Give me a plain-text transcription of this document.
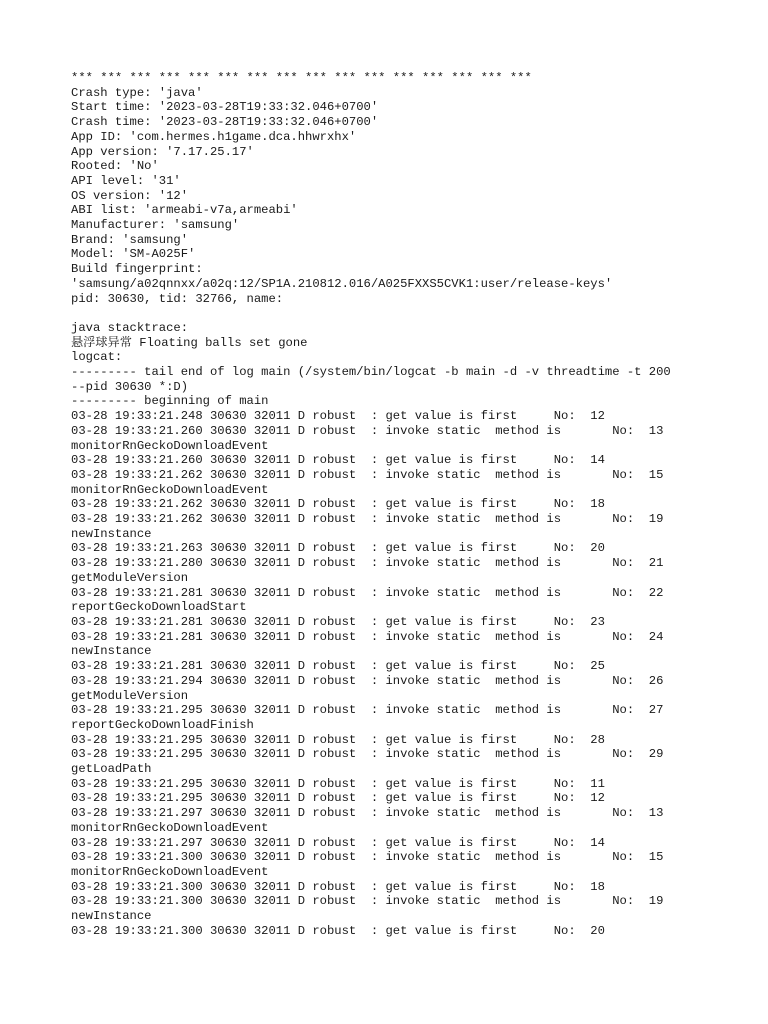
*** *** *** *** *** *** *** *** *** *** *** *** *** *** *** ***
Crash type: 'java'
Start time: '2023-03-28T19:33:32.046+0700'
Crash time: '2023-03-28T19:33:32.046+0700'
App ID: 'com.hermes.h1game.dca.hhwrxhx'
App version: '7.17.25.17'
Rooted: 'No'
API level: '31'
OS version: '12'
ABI list: 'armeabi-v7a,armeabi'
Manufacturer: 'samsung'
Brand: 'samsung'
Model: 'SM-A025F'
Build fingerprint:
'samsung/a02qnnxx/a02q:12/SP1A.210812.016/A025FXXS5CVK1:user/release-keys'
pid: 30630, tid: 32766, name:
java stacktrace:
悬浮球异常 Floating balls set gone
logcat:
--------- tail end of log main (/system/bin/logcat -b main -d -v threadtime -t 200
--pid 30630 *:D)
--------- beginning of main
03-28 19:33:21.248 30630 32011 D robust  : get value is first     No:  12
03-28 19:33:21.260 30630 32011 D robust  : invoke static  method is       No:  13
monitorRnGeckoDownloadEvent
03-28 19:33:21.260 30630 32011 D robust  : get value is first     No:  14
03-28 19:33:21.262 30630 32011 D robust  : invoke static  method is       No:  15
monitorRnGeckoDownloadEvent
03-28 19:33:21.262 30630 32011 D robust  : get value is first     No:  18
03-28 19:33:21.262 30630 32011 D robust  : invoke static  method is       No:  19
newInstance
03-28 19:33:21.263 30630 32011 D robust  : get value is first     No:  20
03-28 19:33:21.280 30630 32011 D robust  : invoke static  method is       No:  21
getModuleVersion
03-28 19:33:21.281 30630 32011 D robust  : invoke static  method is       No:  22
reportGeckoDownloadStart
03-28 19:33:21.281 30630 32011 D robust  : get value is first     No:  23
03-28 19:33:21.281 30630 32011 D robust  : invoke static  method is       No:  24
newInstance
03-28 19:33:21.281 30630 32011 D robust  : get value is first     No:  25
03-28 19:33:21.294 30630 32011 D robust  : invoke static  method is       No:  26
getModuleVersion
03-28 19:33:21.295 30630 32011 D robust  : invoke static  method is       No:  27
reportGeckoDownloadFinish
03-28 19:33:21.295 30630 32011 D robust  : get value is first     No:  28
03-28 19:33:21.295 30630 32011 D robust  : invoke static  method is       No:  29
getLoadPath
03-28 19:33:21.295 30630 32011 D robust  : get value is first     No:  11
03-28 19:33:21.295 30630 32011 D robust  : get value is first     No:  12
03-28 19:33:21.297 30630 32011 D robust  : invoke static  method is       No:  13
monitorRnGeckoDownloadEvent
03-28 19:33:21.297 30630 32011 D robust  : get value is first     No:  14
03-28 19:33:21.300 30630 32011 D robust  : invoke static  method is       No:  15
monitorRnGeckoDownloadEvent
03-28 19:33:21.300 30630 32011 D robust  : get value is first     No:  18
03-28 19:33:21.300 30630 32011 D robust  : invoke static  method is       No:  19
newInstance
03-28 19:33:21.300 30630 32011 D robust  : get value is first     No:  20
